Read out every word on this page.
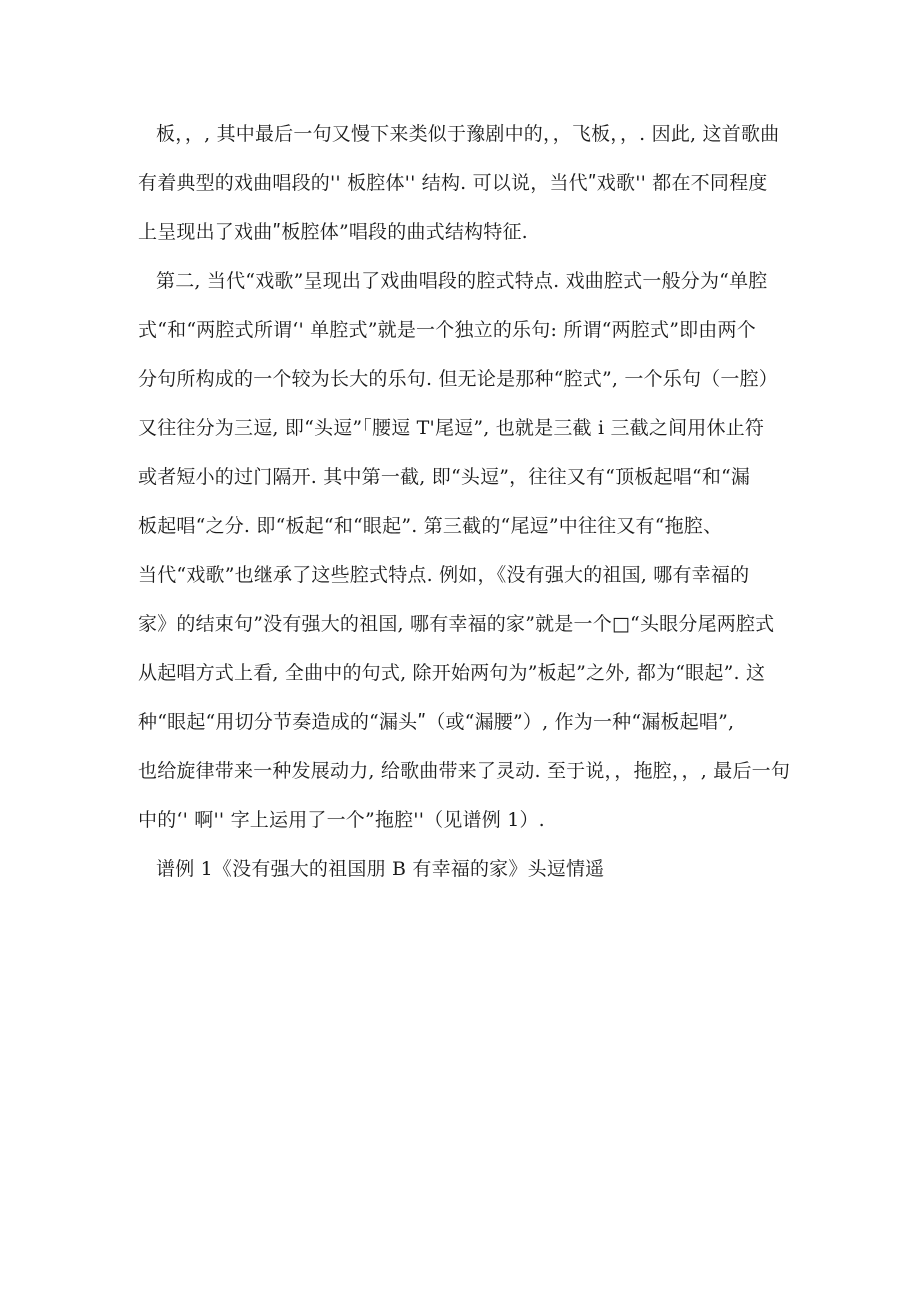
板，，, 其中最后一句又慢下来类似于豫剧中的，，飞板，，. 因此, 这首歌曲
有着典型的戏曲唱段的'' 板腔体'' 结构. 可以说，当代ʺ戏歌'' 都在不同程度
上呈现出了戏曲ʺ板腔体”唱段的曲式结构特征.
第二, 当代“戏歌”呈现出了戏曲唱段的腔式特点. 戏曲腔式一般分为“单腔
式“和“两腔式所谓‘' 单腔式”就是一个独立的乐句: 所谓“两腔式”即由两个
分句所构成的一个较为长大的乐句. 但无论是那种“腔式”, 一个乐句（一腔）
又往往分为三逗, 即“头逗”「腰逗 T'尾逗”, 也就是三截 i 三截之间用休止符
或者短小的过门隔开. 其中第一截, 即“头逗”，往往又有“顶板起唱“和“漏
板起唱“之分. 即“板起“和“眼起”. 第三截的“尾逗”中往往又有“拖腔、
当代“戏歌”也继承了这些腔式特点. 例如，《没有强大的祖国, 哪有幸福的
家》的结束句”没有强大的祖国, 哪有幸福的家”就是一个□“头眼分尾两腔式
从起唱方式上看, 全曲中的句式, 除开始两句为”板起”之外, 都为“眼起”. 这
种“眼起“用切分节奏造成的“漏头ʺ（或“漏腰”）, 作为一种“漏板起唱”,
也给旋律带来一种发展动力, 给歌曲带来了灵动. 至于说，，拖腔，，, 最后一句
中的‘' 啊'' 字上运用了一个”拖腔''（见谱例 1）.
谱例 1《没有强大的祖国朋 B 有幸福的家》头逗情遥
